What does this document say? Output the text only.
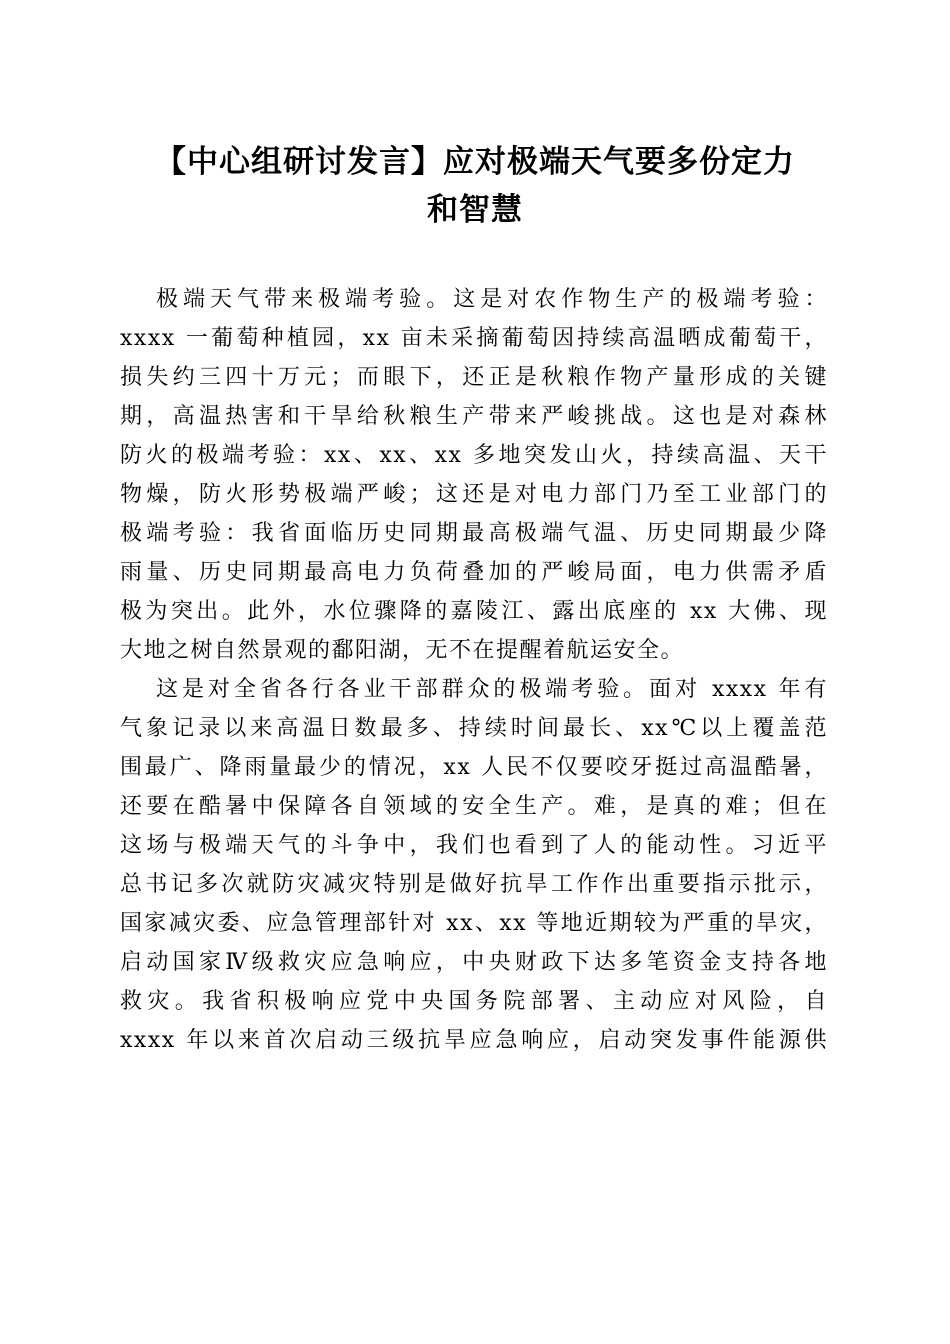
【中心组研讨发言】应对极端天气要多份定力
和智慧

极端天气带来极端考验。这是对农作物生产的极端考验：
xxxx 一葡萄种植园，xx 亩未采摘葡萄因持续高温晒成葡萄干，
损失约三四十万元；而眼下，还正是秋粮作物产量形成的关键
期，高温热害和干旱给秋粮生产带来严峻挑战。这也是对森林
防火的极端考验：xx、xx、xx 多地突发山火，持续高温、天干
物燥，防火形势极端严峻；这还是对电力部门乃至工业部门的
极端考验：我省面临历史同期最高极端气温、历史同期最少降
雨量、历史同期最高电力负荷叠加的严峻局面，电力供需矛盾
极为突出。此外，水位骤降的嘉陵江、露出底座的 xx 大佛、现
大地之树自然景观的鄱阳湖，无不在提醒着航运安全。

这是对全省各行各业干部群众的极端考验。面对 xxxx 年有
气象记录以来高温日数最多、持续时间最长、xx℃以上覆盖范
围最广、降雨量最少的情况，xx 人民不仅要咬牙挺过高温酷暑，
还要在酷暑中保障各自领域的安全生产。难，是真的难；但在
这场与极端天气的斗争中，我们也看到了人的能动性。习近平
总书记多次就防灾减灾特别是做好抗旱工作作出重要指示批示，
国家减灾委、应急管理部针对 xx、xx 等地近期较为严重的旱灾，
启动国家Ⅳ级救灾应急响应，中央财政下达多笔资金支持各地
救灾。我省积极响应党中央国务院部署、主动应对风险，自
xxxx 年以来首次启动三级抗旱应急响应，启动突发事件能源供
